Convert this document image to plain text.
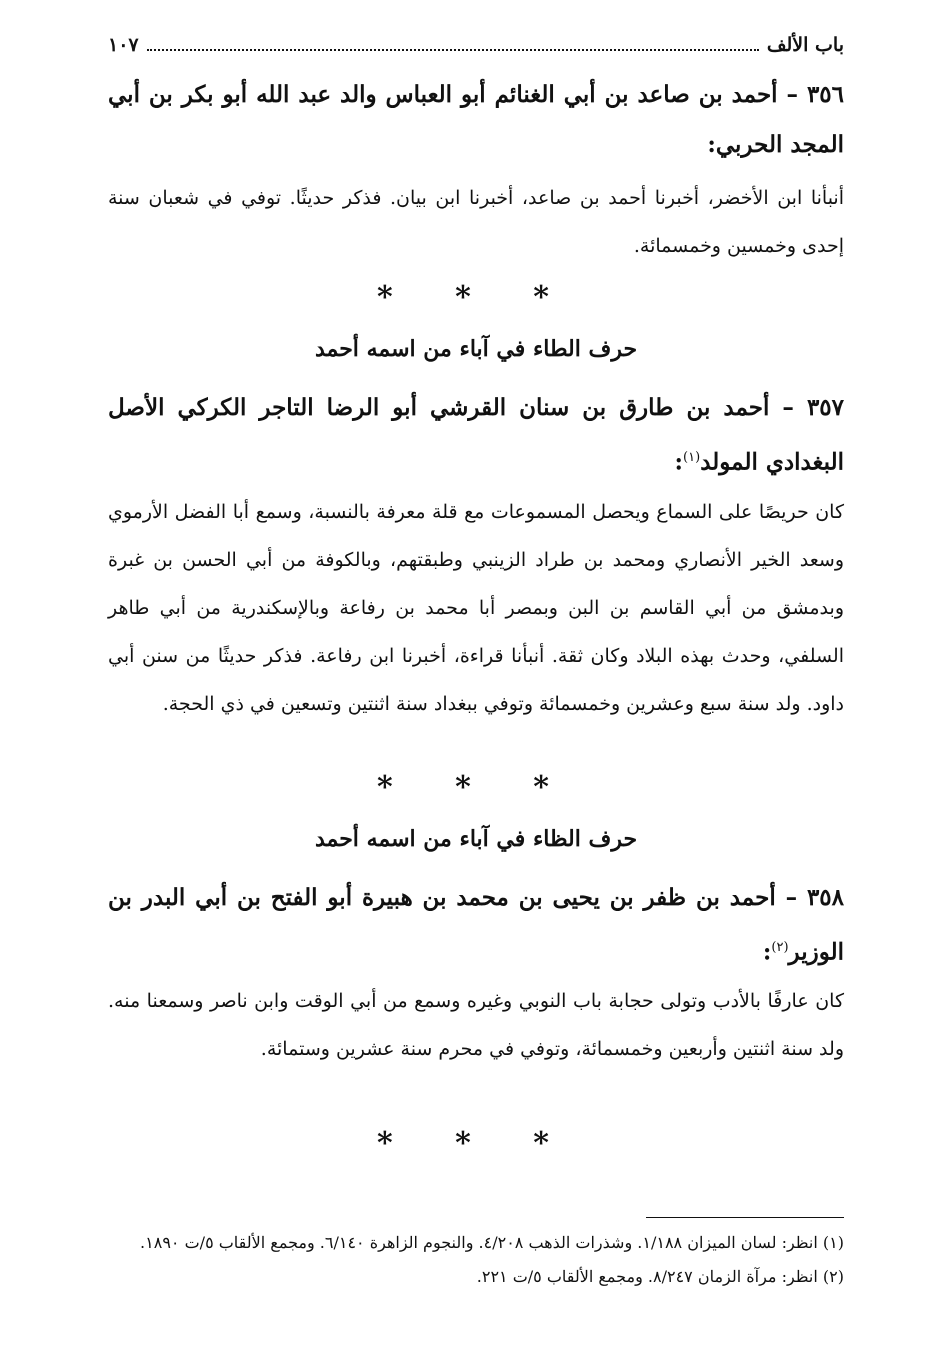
باب الألف
١٠٧
٣٥٦ – أحمد بن صاعد بن أبي الغنائم أبو العباس والد عبد الله أبو بكر بن أبي المجد الحربي:
أنبأنا ابن الأخضر، أخبرنا أحمد بن صاعد، أخبرنا ابن بيان. فذكر حديثًا. توفي في شعبان سنة إحدى وخمسين وخمسمائة.
* * *
حرف الطاء في آباء من اسمه أحمد
٣٥٧ – أحمد بن طارق بن سنان القرشي أبو الرضا التاجر الكركي الأصل البغدادي المولد$^{(١)}$:
كان حريصًا على السماع ويحصل المسموعات مع قلة معرفة بالنسبة، وسمع أبا الفضل الأرموي وسعد الخير الأنصاري ومحمد بن طراد الزينبي وطبقتهم، وبالكوفة من أبي الحسن بن غبرة وبدمشق من أبي القاسم بن البن وبمصر أبا محمد بن رفاعة وبالإسكندرية من أبي طاهر السلفي، وحدث بهذه البلاد وكان ثقة. أنبأنا قراءة، أخبرنا ابن رفاعة. فذكر حديثًا من سنن أبي داود. ولد سنة سبع وعشرين وخمسمائة وتوفي ببغداد سنة اثنتين وتسعين في ذي الحجة.
* * *
حرف الظاء في آباء من اسمه أحمد
٣٥٨ – أحمد بن ظفر بن يحيى بن محمد بن هبيرة أبو الفتح بن أبي البدر بن الوزير$^{(٢)}$:
كان عارفًا بالأدب وتولى حجابة باب النوبي وغيره وسمع من أبي الوقت وابن ناصر وسمعنا منه. ولد سنة اثنتين وأربعين وخمسمائة، وتوفي في محرم سنة عشرين وستمائة.
* * *
(١) انظر: لسان الميزان ١/١٨٨. وشذرات الذهب ٤/٢٠٨. والنجوم الزاهرة ٦/١٤٠. ومجمع الألقاب ٥/ت ١٨٩٠.
(٢) انظر: مرآة الزمان ٨/٢٤٧. ومجمع الألقاب ٥/ت ٢٢١.
